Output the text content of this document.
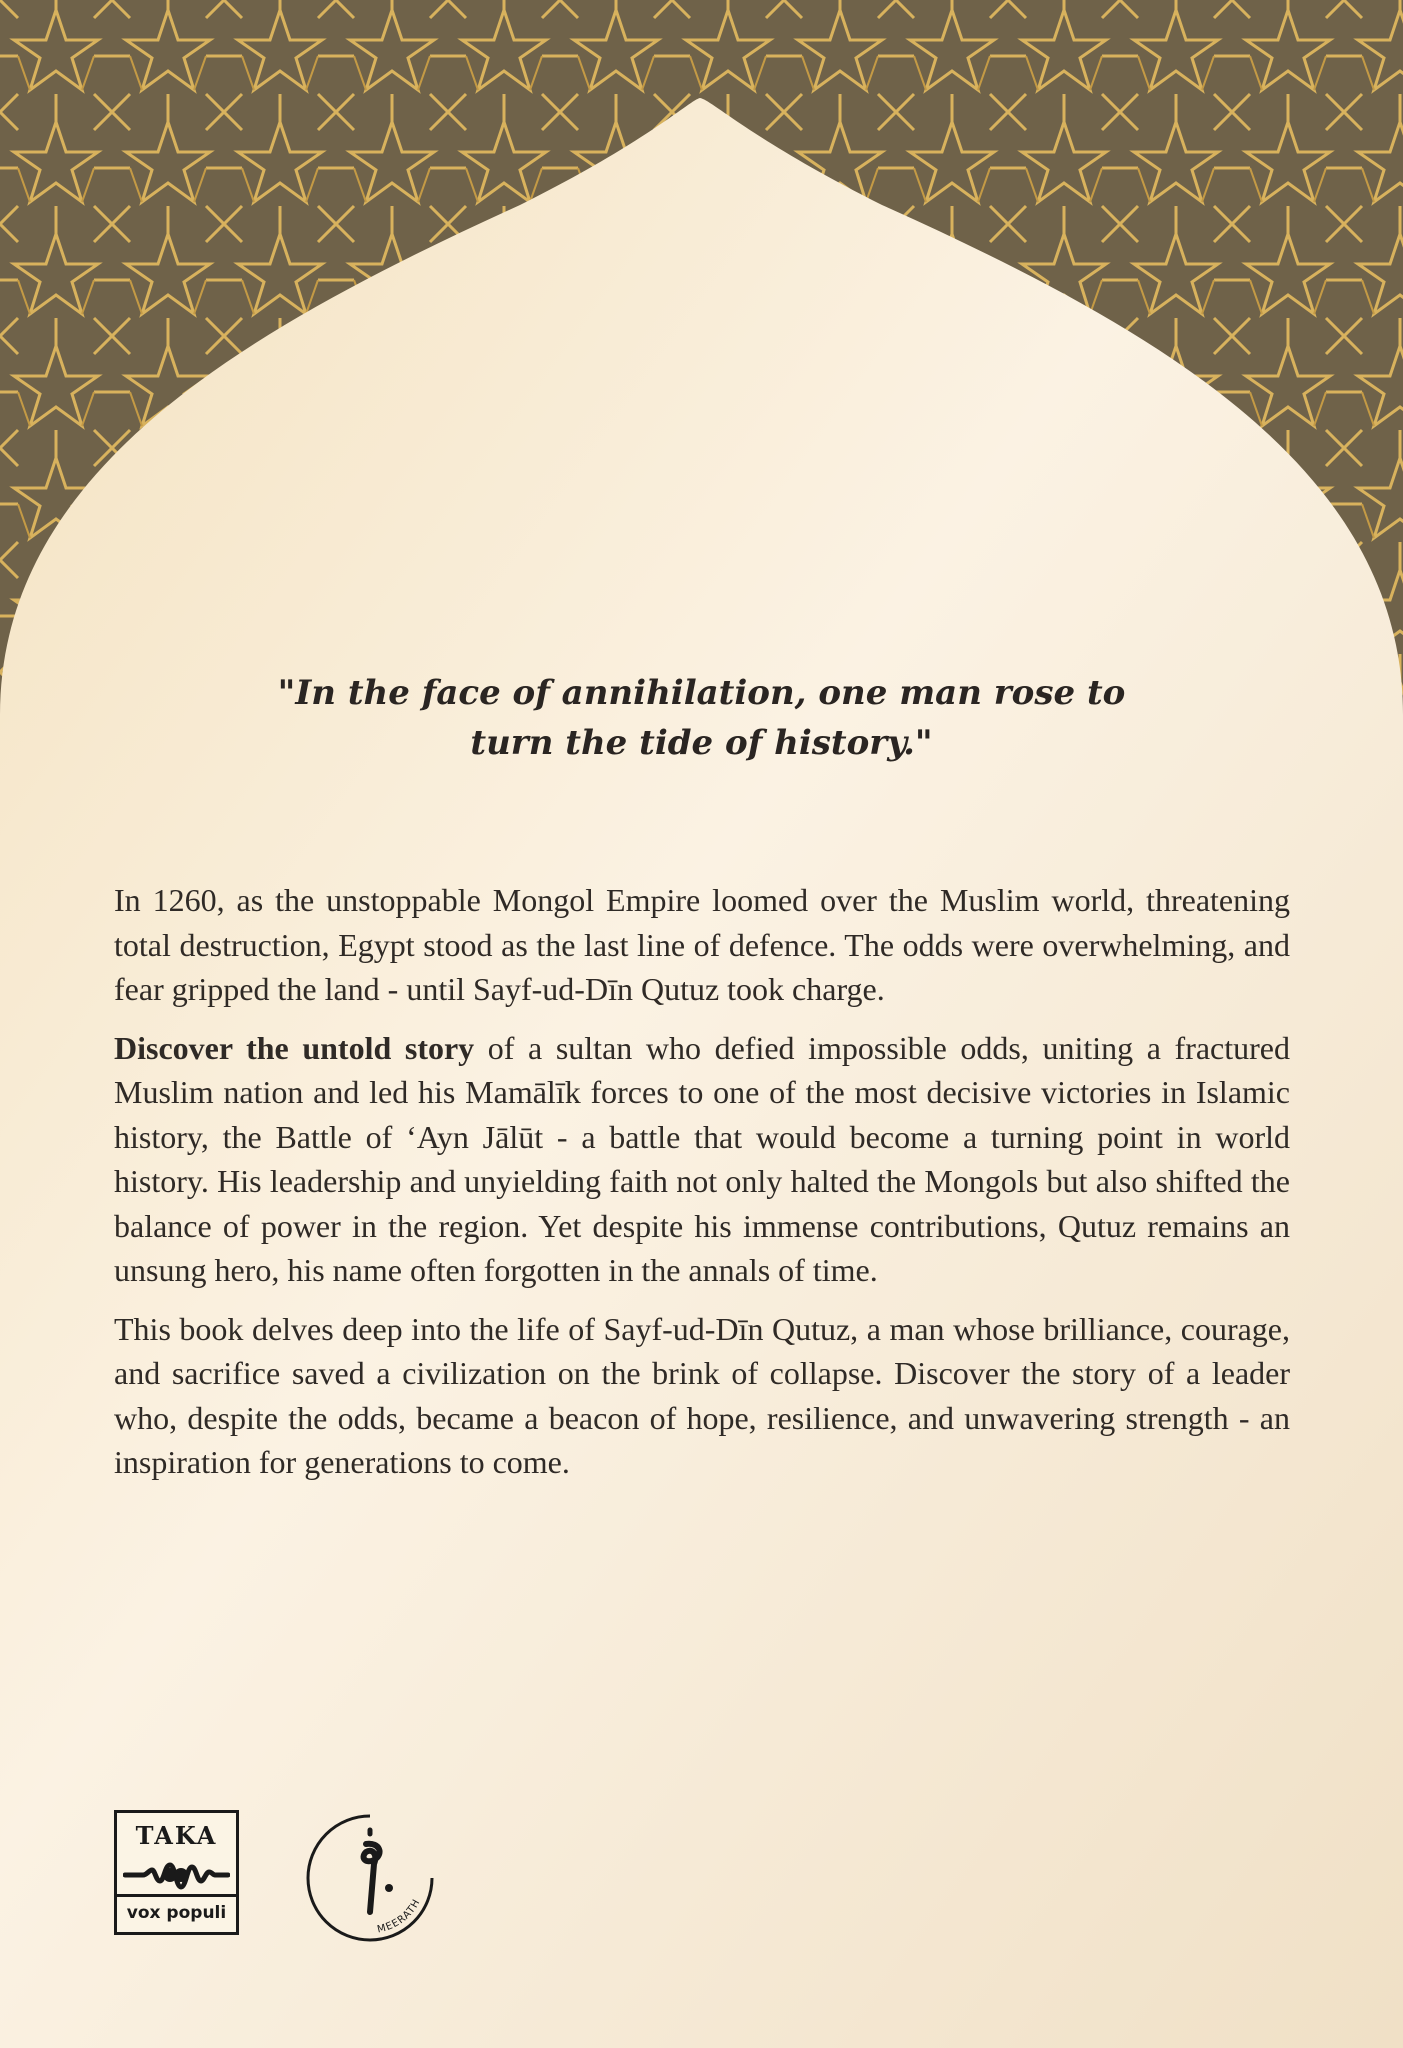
"In the face of annihilation, one man rose to
turn the tide of history."

In 1260, as the unstoppable Mongol Empire loomed over the Muslim world, threatening total destruction, Egypt stood as the last line of defence. The odds were overwhelming, and fear gripped the land - until Sayf-ud-Dīn Qutuz took charge.

Discover the untold story of a sultan who defied impossible odds, uniting a fractured Muslim nation and led his Mamālīk forces to one of the most decisive victories in Islamic history, the Battle of ‘Ayn Jālūt - a battle that would become a turning point in world history. His leadership and unyielding faith not only halted the Mongols but also shifted the balance of power in the region. Yet despite his immense contributions, Qutuz remains an unsung hero, his name often forgotten in the annals of time.

This book delves deep into the life of Sayf-ud-Dīn Qutuz, a man whose brilliance, courage, and sacrifice saved a civilization on the brink of collapse. Discover the story of a leader who, despite the odds, became a beacon of hope, resilience, and unwavering strength - an inspiration for generations to come.

TAKA
vox populi
MEERATH
